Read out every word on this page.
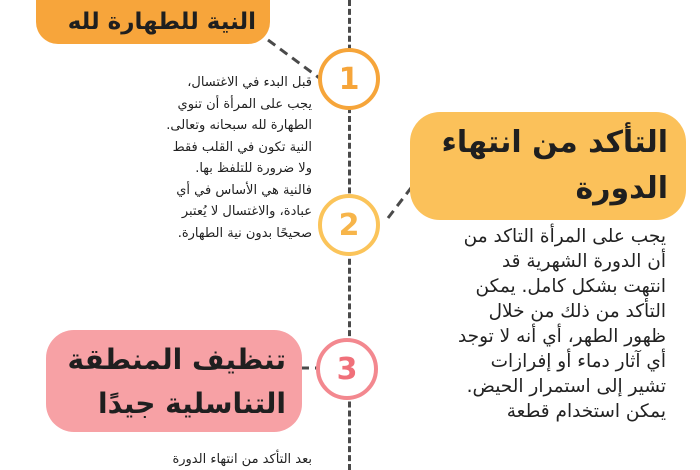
النية للطهارة لله
1

قبل البدء في الاغتسال،
يجب على المرأة أن تنوي
الطهارة لله سبحانه وتعالى.
النية تكون في القلب فقط
ولا ضرورة للتلفظ بها.
فالنية هي الأساس في أي
عبادة، والاغتسال لا يُعتبر
صحيحًا بدون نية الطهارة.

التأكد من انتهاء الدورة
2	يجب على المرأة التاكد من
أن الدورة الشهرية قد
انتهت بشكل كامل. يمكن
التأكد من ذلك من خلال
ظهور الطهر، أي أنه لا توجد
أي آثار دماء أو إفرازات
تشير إلى استمرار الحيض.
يمكن استخدام قطعة

تنظيف المنطقة التناسلية جيدًا
3

بعد التأكد من انتهاء الدورة
